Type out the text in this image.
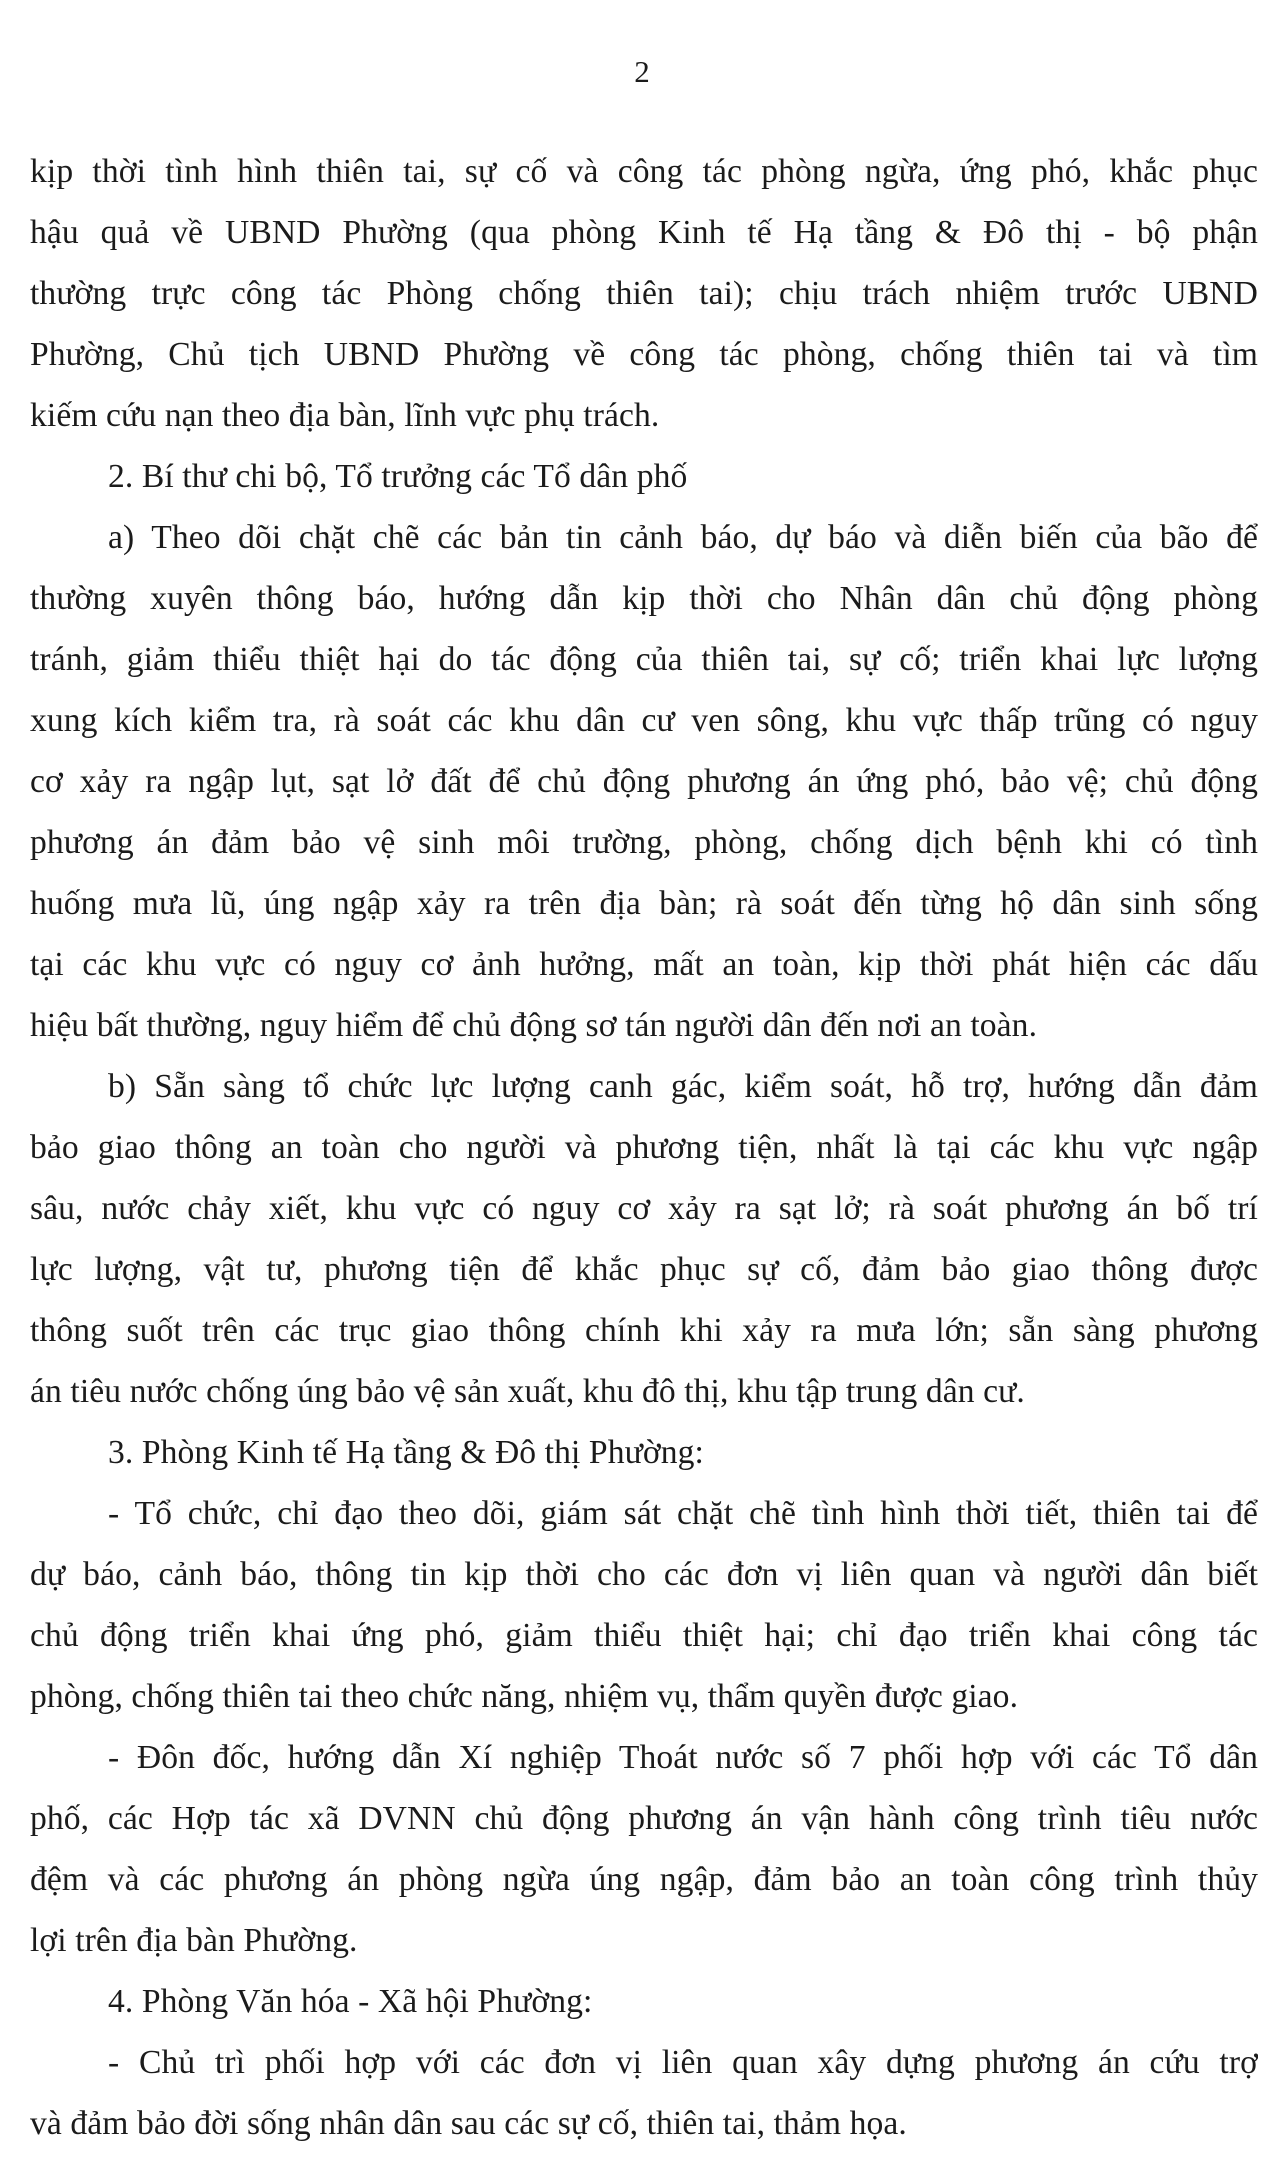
2
kịp thời tình hình thiên tai, sự cố và công tác phòng ngừa, ứng phó, khắc phục
hậu quả về UBND Phường (qua phòng Kinh tế Hạ tầng & Đô thị - bộ phận
thường trực công tác Phòng chống thiên tai); chịu trách nhiệm trước UBND
Phường, Chủ tịch UBND Phường về công tác phòng, chống thiên tai và tìm
kiếm cứu nạn theo địa bàn, lĩnh vực phụ trách.
2. Bí thư chi bộ, Tổ trưởng các Tổ dân phố
a) Theo dõi chặt chẽ các bản tin cảnh báo, dự báo và diễn biến của bão để
thường xuyên thông báo, hướng dẫn kịp thời cho Nhân dân chủ động phòng
tránh, giảm thiểu thiệt hại do tác động của thiên tai, sự cố; triển khai lực lượng
xung kích kiểm tra, rà soát các khu dân cư ven sông, khu vực thấp trũng có nguy
cơ xảy ra ngập lụt, sạt lở đất để chủ động phương án ứng phó, bảo vệ; chủ động
phương án đảm bảo vệ sinh môi trường, phòng, chống dịch bệnh khi có tình
huống mưa lũ, úng ngập xảy ra trên địa bàn; rà soát đến từng hộ dân sinh sống
tại các khu vực có nguy cơ ảnh hưởng, mất an toàn, kịp thời phát hiện các dấu
hiệu bất thường, nguy hiểm để chủ động sơ tán người dân đến nơi an toàn.
b) Sẵn sàng tổ chức lực lượng canh gác, kiểm soát, hỗ trợ, hướng dẫn đảm
bảo giao thông an toàn cho người và phương tiện, nhất là tại các khu vực ngập
sâu, nước chảy xiết, khu vực có nguy cơ xảy ra sạt lở; rà soát phương án bố trí
lực lượng, vật tư, phương tiện để khắc phục sự cố, đảm bảo giao thông được
thông suốt trên các trục giao thông chính khi xảy ra mưa lớn; sẵn sàng phương
án tiêu nước chống úng bảo vệ sản xuất, khu đô thị, khu tập trung dân cư.
3. Phòng Kinh tế Hạ tầng & Đô thị Phường:
- Tổ chức, chỉ đạo theo dõi, giám sát chặt chẽ tình hình thời tiết, thiên tai để
dự báo, cảnh báo, thông tin kịp thời cho các đơn vị liên quan và người dân biết
chủ động triển khai ứng phó, giảm thiểu thiệt hại; chỉ đạo triển khai công tác
phòng, chống thiên tai theo chức năng, nhiệm vụ, thẩm quyền được giao.
- Đôn đốc, hướng dẫn Xí nghiệp Thoát nước số 7 phối hợp với các Tổ dân
phố, các Hợp tác xã DVNN chủ động phương án vận hành công trình tiêu nước
đệm và các phương án phòng ngừa úng ngập, đảm bảo an toàn công trình thủy
lợi trên địa bàn Phường.
4. Phòng Văn hóa - Xã hội Phường:
- Chủ trì phối hợp với các đơn vị liên quan xây dựng phương án cứu trợ
và đảm bảo đời sống nhân dân sau các sự cố, thiên tai, thảm họa.
